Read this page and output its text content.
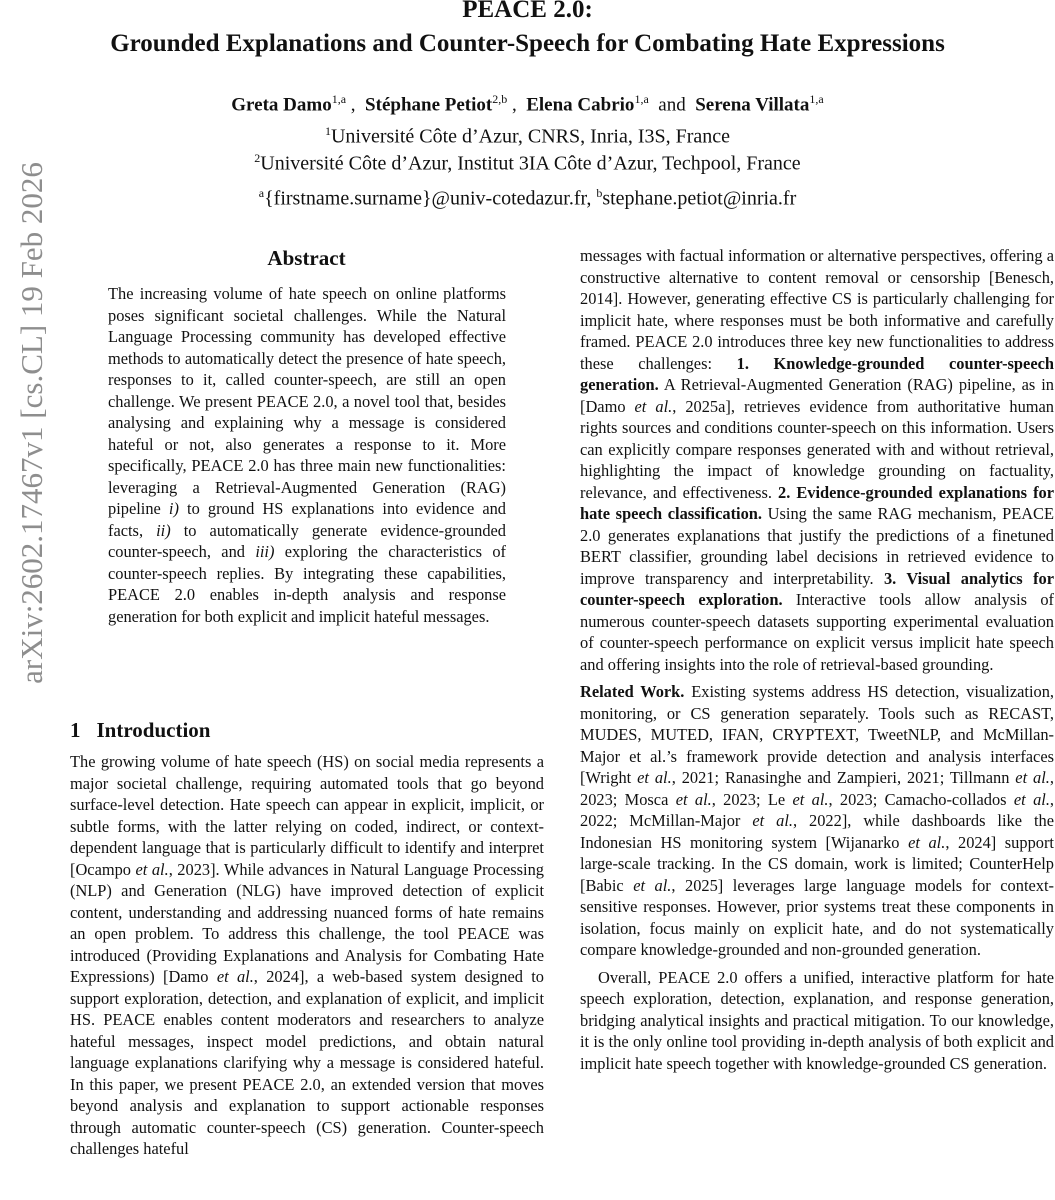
PEACE 2.0:
Grounded Explanations and Counter-Speech for Combating Hate Expressions
Greta Damo$^{1,a}$ , Stéphane Petiot$^{2,b}$ , Elena Cabrio$^{1,a}$ and Serena Villata$^{1,a}$
$^1$Université Côte d’Azur, CNRS, Inria, I3S, France
$^2$Université Côte d’Azur, Institut 3IA Côte d’Azur, Techpool, France
$^a${firstname.surname}@univ-cotedazur.fr, $^b$stephane.petiot@inria.fr
arXiv:2602.17467v1 [cs.CL] 19 Feb 2026	Abstract

The increasing volume of hate speech on online platforms poses significant societal challenges. While the Natural Language Processing community has developed effective methods to automatically detect the presence of hate speech, responses to it, called counter-speech, are still an open challenge. We present PEACE 2.0, a novel tool that, besides analysing and explaining why a message is considered hateful or not, also generates a response to it. More specifically, PEACE 2.0 has three main new functionalities: leveraging a Retrieval-Augmented Generation (RAG) pipeline i) to ground HS explanations into evidence and facts, ii) to automatically generate evidence-grounded counter-speech, and iii) exploring the characteristics of counter-speech replies. By integrating these capabilities, PEACE 2.0 enables in-depth analysis and response generation for both explicit and implicit hateful messages.

1 Introduction

The growing volume of hate speech (HS) on social media represents a major societal challenge, requiring automated tools that go beyond surface-level detection. Hate speech can appear in explicit, implicit, or subtle forms, with the latter relying on coded, indirect, or context-dependent language that is particularly difficult to identify and interpret [Ocampo et al., 2023]. While advances in Natural Language Processing (NLP) and Generation (NLG) have improved detection of explicit content, understanding and addressing nuanced forms of hate remains an open problem. To address this challenge, the tool PEACE was introduced (Providing Explanations and Analysis for Combating Hate Expressions) [Damo et al., 2024], a web-based system designed to support exploration, detection, and explanation of explicit, and implicit HS. PEACE enables content moderators and researchers to analyze hateful messages, inspect model predictions, and obtain natural language explanations clarifying why a message is considered hateful. In this paper, we present PEACE 2.0, an extended version that moves beyond analysis and explanation to support actionable responses through automatic counter-speech (CS) generation. Counter-speech challenges hateful

messages with factual information or alternative perspectives, offering a constructive alternative to content removal or censorship [Benesch, 2014]. However, generating effective CS is particularly challenging for implicit hate, where responses must be both informative and carefully framed. PEACE 2.0 introduces three key new functionalities to address these challenges: 1. Knowledge-grounded counter-speech generation. A Retrieval-Augmented Generation (RAG) pipeline, as in [Damo et al., 2025a], retrieves evidence from authoritative human rights sources and conditions counter-speech on this information. Users can explicitly compare responses generated with and without retrieval, highlighting the impact of knowledge grounding on factuality, relevance, and effectiveness. 2. Evidence-grounded explanations for hate speech classification. Using the same RAG mechanism, PEACE 2.0 generates explanations that justify the predictions of a finetuned BERT classifier, grounding label decisions in retrieved evidence to improve transparency and interpretability. 3. Visual analytics for counter-speech exploration. Interactive tools allow analysis of numerous counter-speech datasets supporting experimental evaluation of counter-speech performance on explicit versus implicit hate speech and offering insights into the role of retrieval-based grounding.

Related Work. Existing systems address HS detection, visualization, monitoring, or CS generation separately. Tools such as RECAST, MUDES, MUTED, IFAN, CRYPTEXT, TweetNLP, and McMillan-Major et al.’s framework provide detection and analysis interfaces [Wright et al., 2021; Ranasinghe and Zampieri, 2021; Tillmann et al., 2023; Mosca et al., 2023; Le et al., 2023; Camacho-collados et al., 2022; McMillan-Major et al., 2022], while dashboards like the Indonesian HS monitoring system [Wijanarko et al., 2024] support large-scale tracking. In the CS domain, work is limited; CounterHelp [Babic et al., 2025] leverages large language models for context-sensitive responses. However, prior systems treat these components in isolation, focus mainly on explicit hate, and do not systematically compare knowledge-grounded and non-grounded generation.

Overall, PEACE 2.0 offers a unified, interactive platform for hate speech exploration, detection, explanation, and response generation, bridging analytical insights and practical mitigation. To our knowledge, it is the only online tool providing in-depth analysis of both explicit and implicit hate speech together with knowledge-grounded CS generation.
